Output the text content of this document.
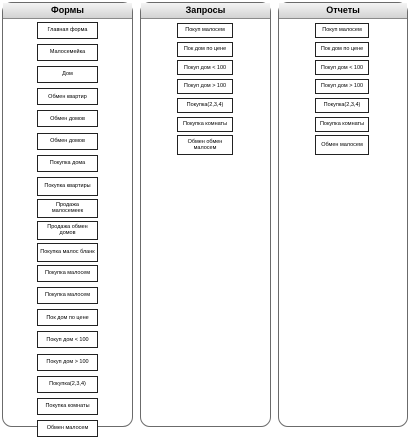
Формы
Главная форма
Малосемейка
Дом
Обмен квартир
Обмен домов
Обмен домов
Покупка дома
Покупка квартиры
Продажа малосемеек
Продажа обмен домов
Покупка малос бланк
Покупка малосем
Покупка малосем
Пок дом по цене
Покуп дом < 100
Покуп дом > 100
Покупка(2,3,4)
Покупка комнаты
Обмен малосем
Запросы
Покуп малосем
Пок дом по цене
Покуп дом < 100
Покуп дом > 100
Покупка(2,3,4)
Покупка комнаты
Обмен обмен малосем
Отчеты
Покуп малосем
Пок дом по цене
Покуп дом < 100
Покуп дом > 100
Покупка(2,3,4)
Покупка комнаты
Обмен малосем
